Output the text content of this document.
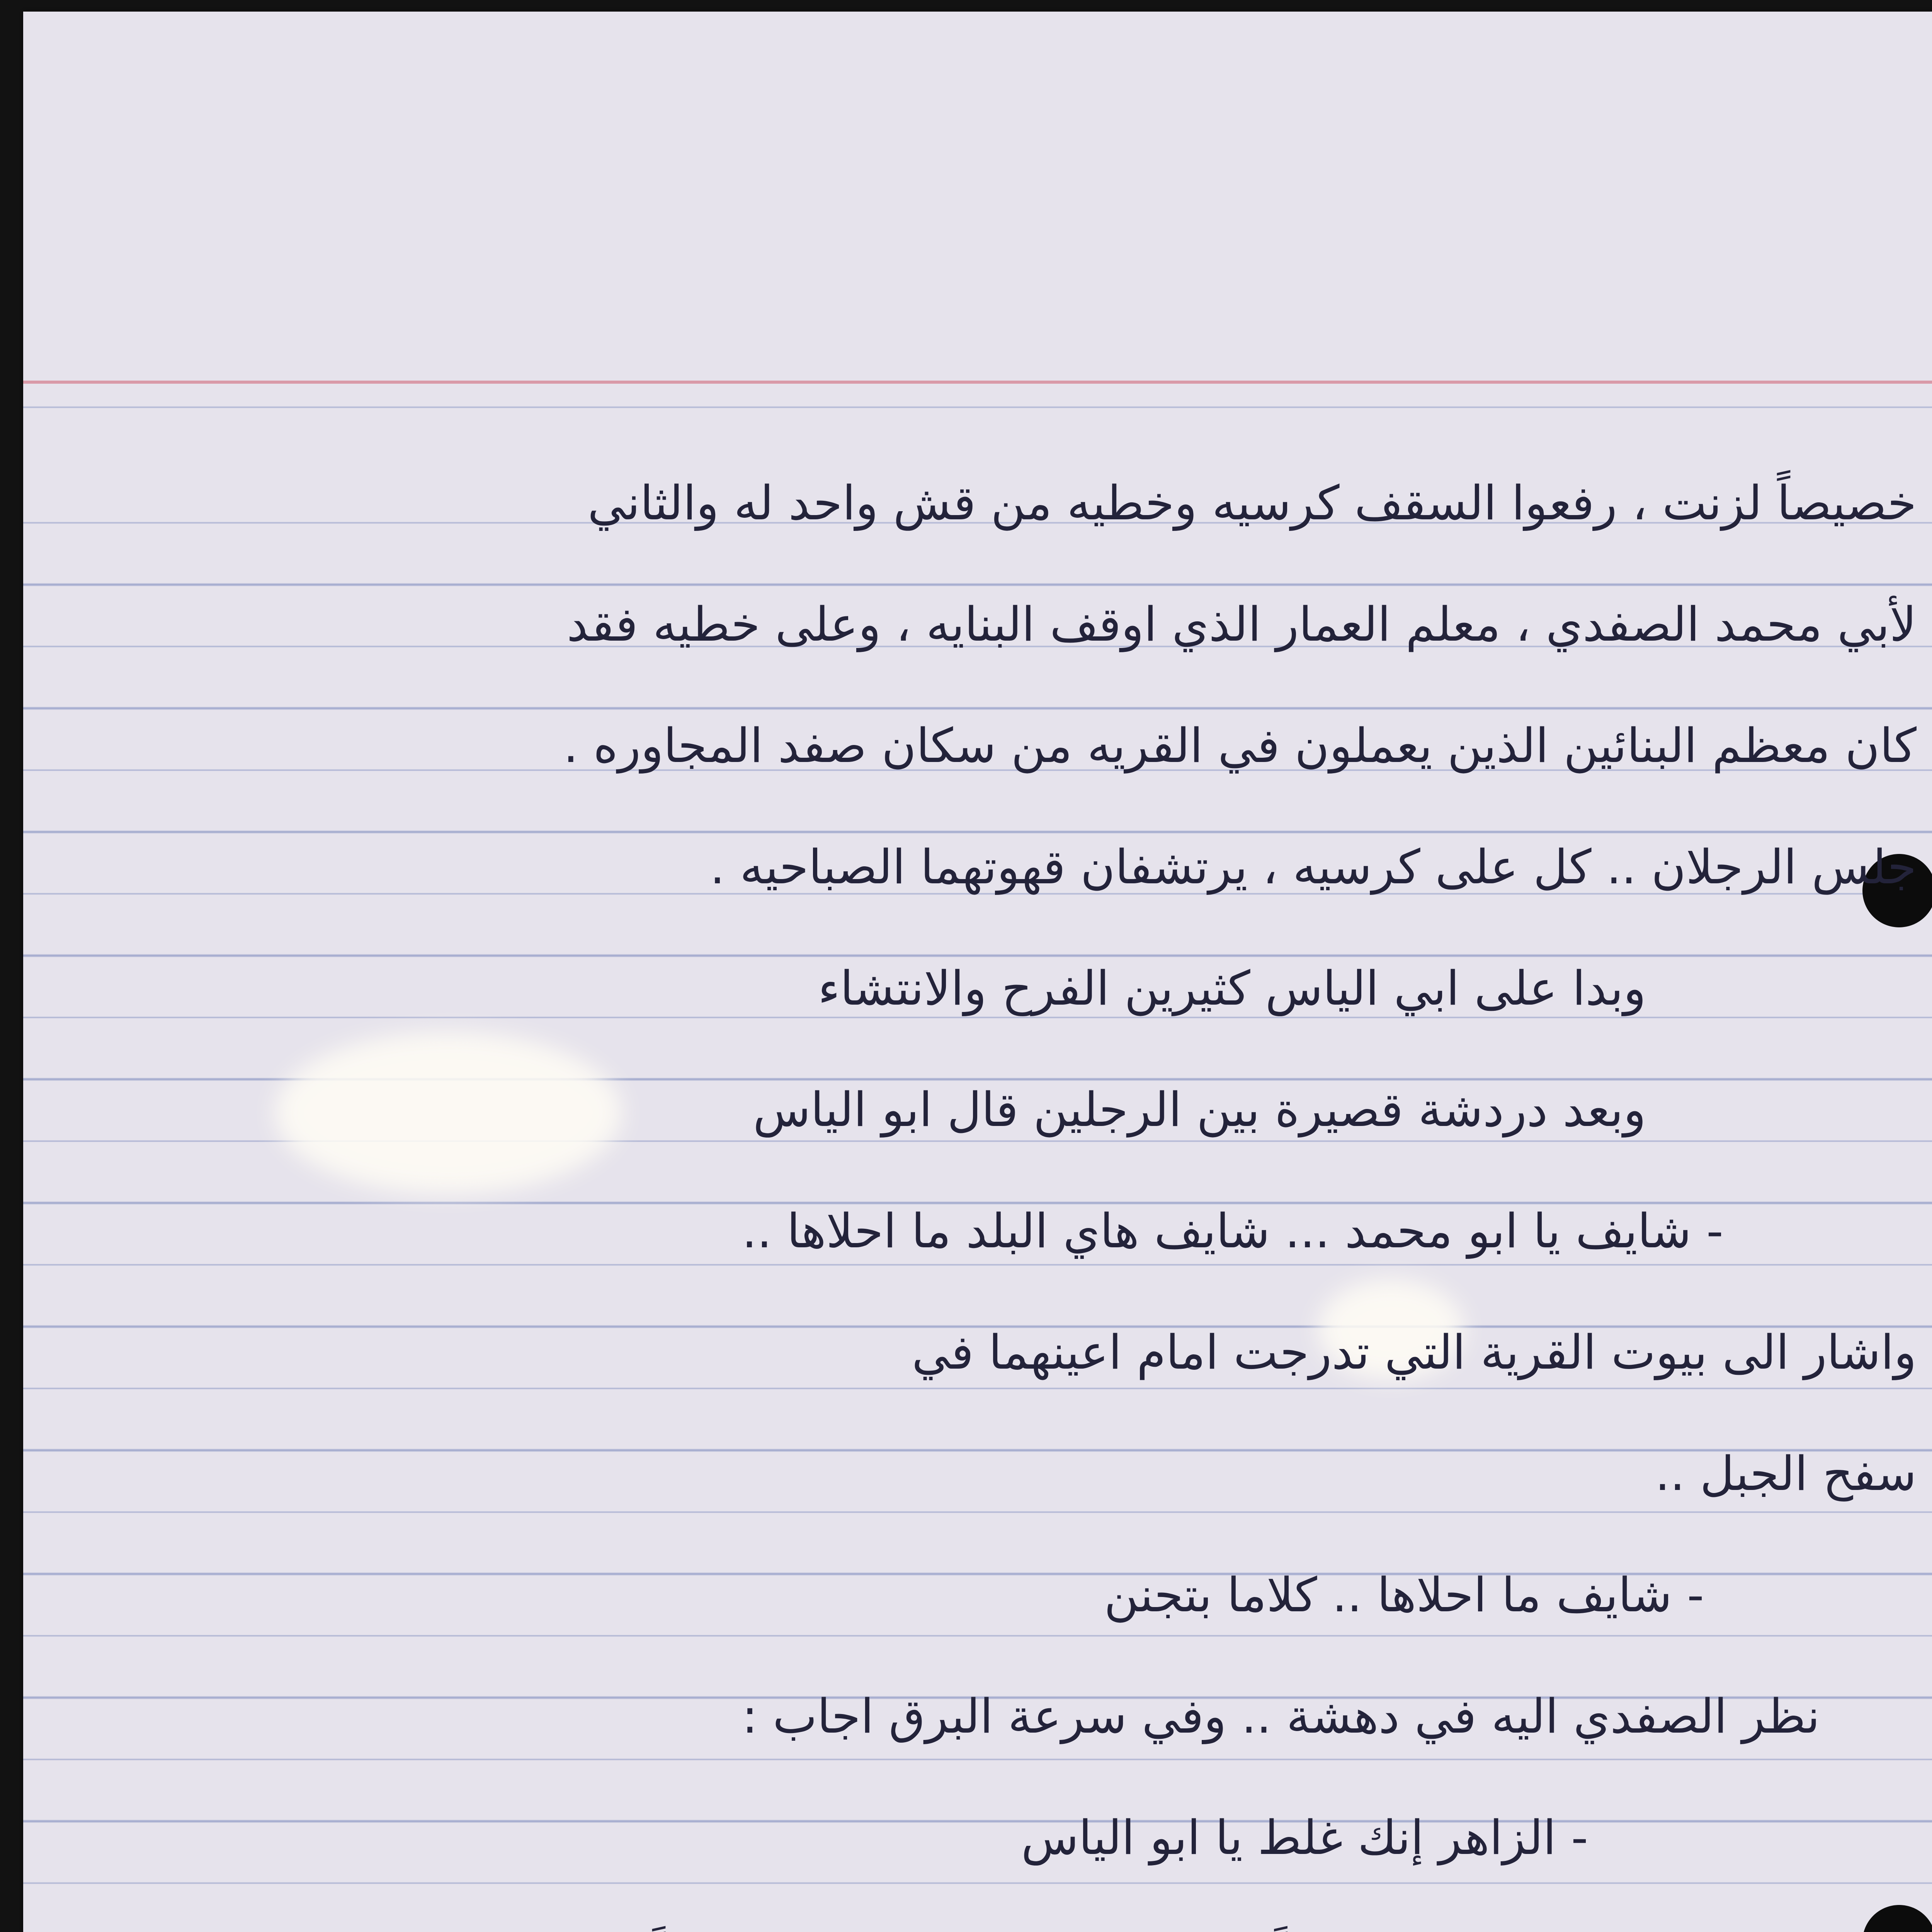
خصيصاً لزنت ، رفعوا السقف كرسيه وخطيه من قش واحد له والثاني
لأبي محمد الصفدي ، معلم العمار الذي اوقف البنايه ، وعلى خطيه فقد
كان معظم البنائين الذين يعملون في القريه من سكان صفد المجاوره .
جلس الرجلان .. كل على كرسيه ، يرتشفان قهوتهما الصباحيه .
وبدا على ابي الياس كثيرين الفرح والانتشاء
وبعد دردشة قصيرة بين الرجلين قال ابو الياس
- شايف يا ابو محمد ... شايف هاي البلد ما احلاها ..
واشار الى بيوت القرية التي تدرجت امام اعينهما في
سفح الجبل ..
- شايف ما احلاها .. كلاما بتجنن
نظر الصفدي اليه في دهشة .. وفي سرعة البرق اجاب :
- الزاهر إنك غلط يا ابو الياس
